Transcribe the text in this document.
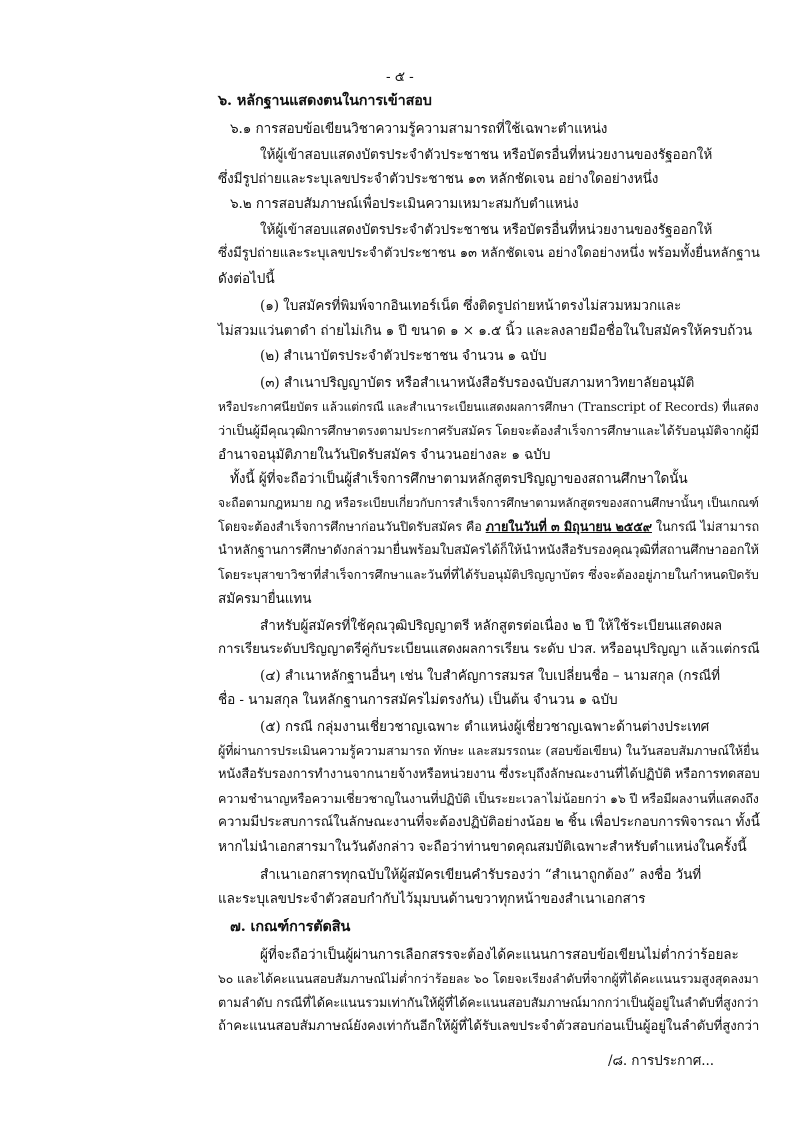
- ๕ -
๖. หลักฐานแสดงตนในการเข้าสอบ
๖.๑ การสอบข้อเขียนวิชาความรู้ความสามารถที่ใช้เฉพาะตำแหน่ง
ให้ผู้เข้าสอบแสดงบัตรประจำตัวประชาชน หรือบัตรอื่นที่หน่วยงานของรัฐออกให้
ซึ่งมีรูปถ่ายและระบุเลขประจำตัวประชาชน ๑๓ หลักชัดเจน อย่างใดอย่างหนึ่ง
๖.๒ การสอบสัมภาษณ์เพื่อประเมินความเหมาะสมกับตำแหน่ง
ให้ผู้เข้าสอบแสดงบัตรประจำตัวประชาชน หรือบัตรอื่นที่หน่วยงานของรัฐออกให้
ซึ่งมีรูปถ่ายและระบุเลขประจำตัวประชาชน ๑๓ หลักชัดเจน อย่างใดอย่างหนึ่ง พร้อมทั้งยื่นหลักฐาน
ดังต่อไปนี้
(๑) ใบสมัครที่พิมพ์จากอินเทอร์เน็ต ซึ่งติดรูปถ่ายหน้าตรงไม่สวมหมวกและ
ไม่สวมแว่นตาดำ ถ่ายไม่เกิน ๑ ปี ขนาด ๑ × ๑.๕ นิ้ว และลงลายมือชื่อในใบสมัครให้ครบถ้วน
(๒) สำเนาบัตรประจำตัวประชาชน จำนวน ๑ ฉบับ
(๓) สำเนาปริญญาบัตร หรือสำเนาหนังสือรับรองฉบับสภามหาวิทยาลัยอนุมัติ
หรือประกาศนียบัตร แล้วแต่กรณี และสำเนาระเบียนแสดงผลการศึกษา (Transcript of Records) ที่แสดง
ว่าเป็นผู้มีคุณวุฒิการศึกษาตรงตามประกาศรับสมัคร โดยจะต้องสำเร็จการศึกษาและได้รับอนุมัติจากผู้มี
อำนาจอนุมัติภายในวันปิดรับสมัคร จำนวนอย่างละ ๑ ฉบับ
ทั้งนี้ ผู้ที่จะถือว่าเป็นผู้สำเร็จการศึกษาตามหลักสูตรปริญญาของสถานศึกษาใดนั้น
จะถือตามกฎหมาย กฎ หรือระเบียบเกี่ยวกับการสำเร็จการศึกษาตามหลักสูตรของสถานศึกษานั้นๆ เป็นเกณฑ์
โดยจะต้องสำเร็จการศึกษาก่อนวันปิดรับสมัคร คือ ภายในวันที่ ๓ มิถุนายน ๒๕๕๙ ในกรณี ไม่สามารถ
นำหลักฐานการศึกษาดังกล่าวมายื่นพร้อมใบสมัครได้ก็ให้นำหนังสือรับรองคุณวุฒิที่สถานศึกษาออกให้
โดยระบุสาขาวิชาที่สำเร็จการศึกษาและวันที่ที่ได้รับอนุมัติปริญญาบัตร ซึ่งจะต้องอยู่ภายในกำหนดปิดรับ
สมัครมายื่นแทน
สำหรับผู้สมัครที่ใช้คุณวุฒิปริญญาตรี หลักสูตรต่อเนื่อง ๒ ปี ให้ใช้ระเบียนแสดงผล
การเรียนระดับปริญญาตรีคู่กับระเบียนแสดงผลการเรียน ระดับ ปวส. หรืออนุปริญญา แล้วแต่กรณี
(๔) สำเนาหลักฐานอื่นๆ เช่น ใบสำคัญการสมรส ใบเปลี่ยนชื่อ – นามสกุล (กรณีที่
ชื่อ - นามสกุล ในหลักฐานการสมัครไม่ตรงกัน) เป็นต้น จำนวน ๑ ฉบับ
(๕) กรณี กลุ่มงานเชี่ยวชาญเฉพาะ ตำแหน่งผู้เชี่ยวชาญเฉพาะด้านต่างประเทศ
ผู้ที่ผ่านการประเมินความรู้ความสามารถ ทักษะ และสมรรถนะ (สอบข้อเขียน) ในวันสอบสัมภาษณ์ให้ยื่น
หนังสือรับรองการทำงานจากนายจ้างหรือหน่วยงาน ซึ่งระบุถึงลักษณะงานที่ได้ปฏิบัติ หรือการทดสอบ
ความชำนาญหรือความเชี่ยวชาญในงานที่ปฏิบัติ เป็นระยะเวลาไม่น้อยกว่า ๑๖ ปี หรือมีผลงานที่แสดงถึง
ความมีประสบการณ์ในลักษณะงานที่จะต้องปฏิบัติอย่างน้อย ๒ ชิ้น เพื่อประกอบการพิจารณา ทั้งนี้
หากไม่นำเอกสารมาในวันดังกล่าว จะถือว่าท่านขาดคุณสมบัติเฉพาะสำหรับตำแหน่งในครั้งนี้
สำเนาเอกสารทุกฉบับให้ผู้สมัครเขียนคำรับรองว่า “สำเนาถูกต้อง” ลงชื่อ วันที่
และระบุเลขประจำตัวสอบกำกับไว้มุมบนด้านขวาทุกหน้าของสำเนาเอกสาร
๗. เกณฑ์การตัดสิน
ผู้ที่จะถือว่าเป็นผู้ผ่านการเลือกสรรจะต้องได้คะแนนการสอบข้อเขียนไม่ต่ำกว่าร้อยละ
๖๐ และได้คะแนนสอบสัมภาษณ์ไม่ต่ำกว่าร้อยละ ๖๐ โดยจะเรียงลำดับที่จากผู้ที่ได้คะแนนรวมสูงสุดลงมา
ตามลำดับ กรณีที่ได้คะแนนรวมเท่ากันให้ผู้ที่ได้คะแนนสอบสัมภาษณ์มากกว่าเป็นผู้อยู่ในลำดับที่สูงกว่า
ถ้าคะแนนสอบสัมภาษณ์ยังคงเท่ากันอีกให้ผู้ที่ได้รับเลขประจำตัวสอบก่อนเป็นผู้อยู่ในลำดับที่สูงกว่า
/๘. การประกาศ...
